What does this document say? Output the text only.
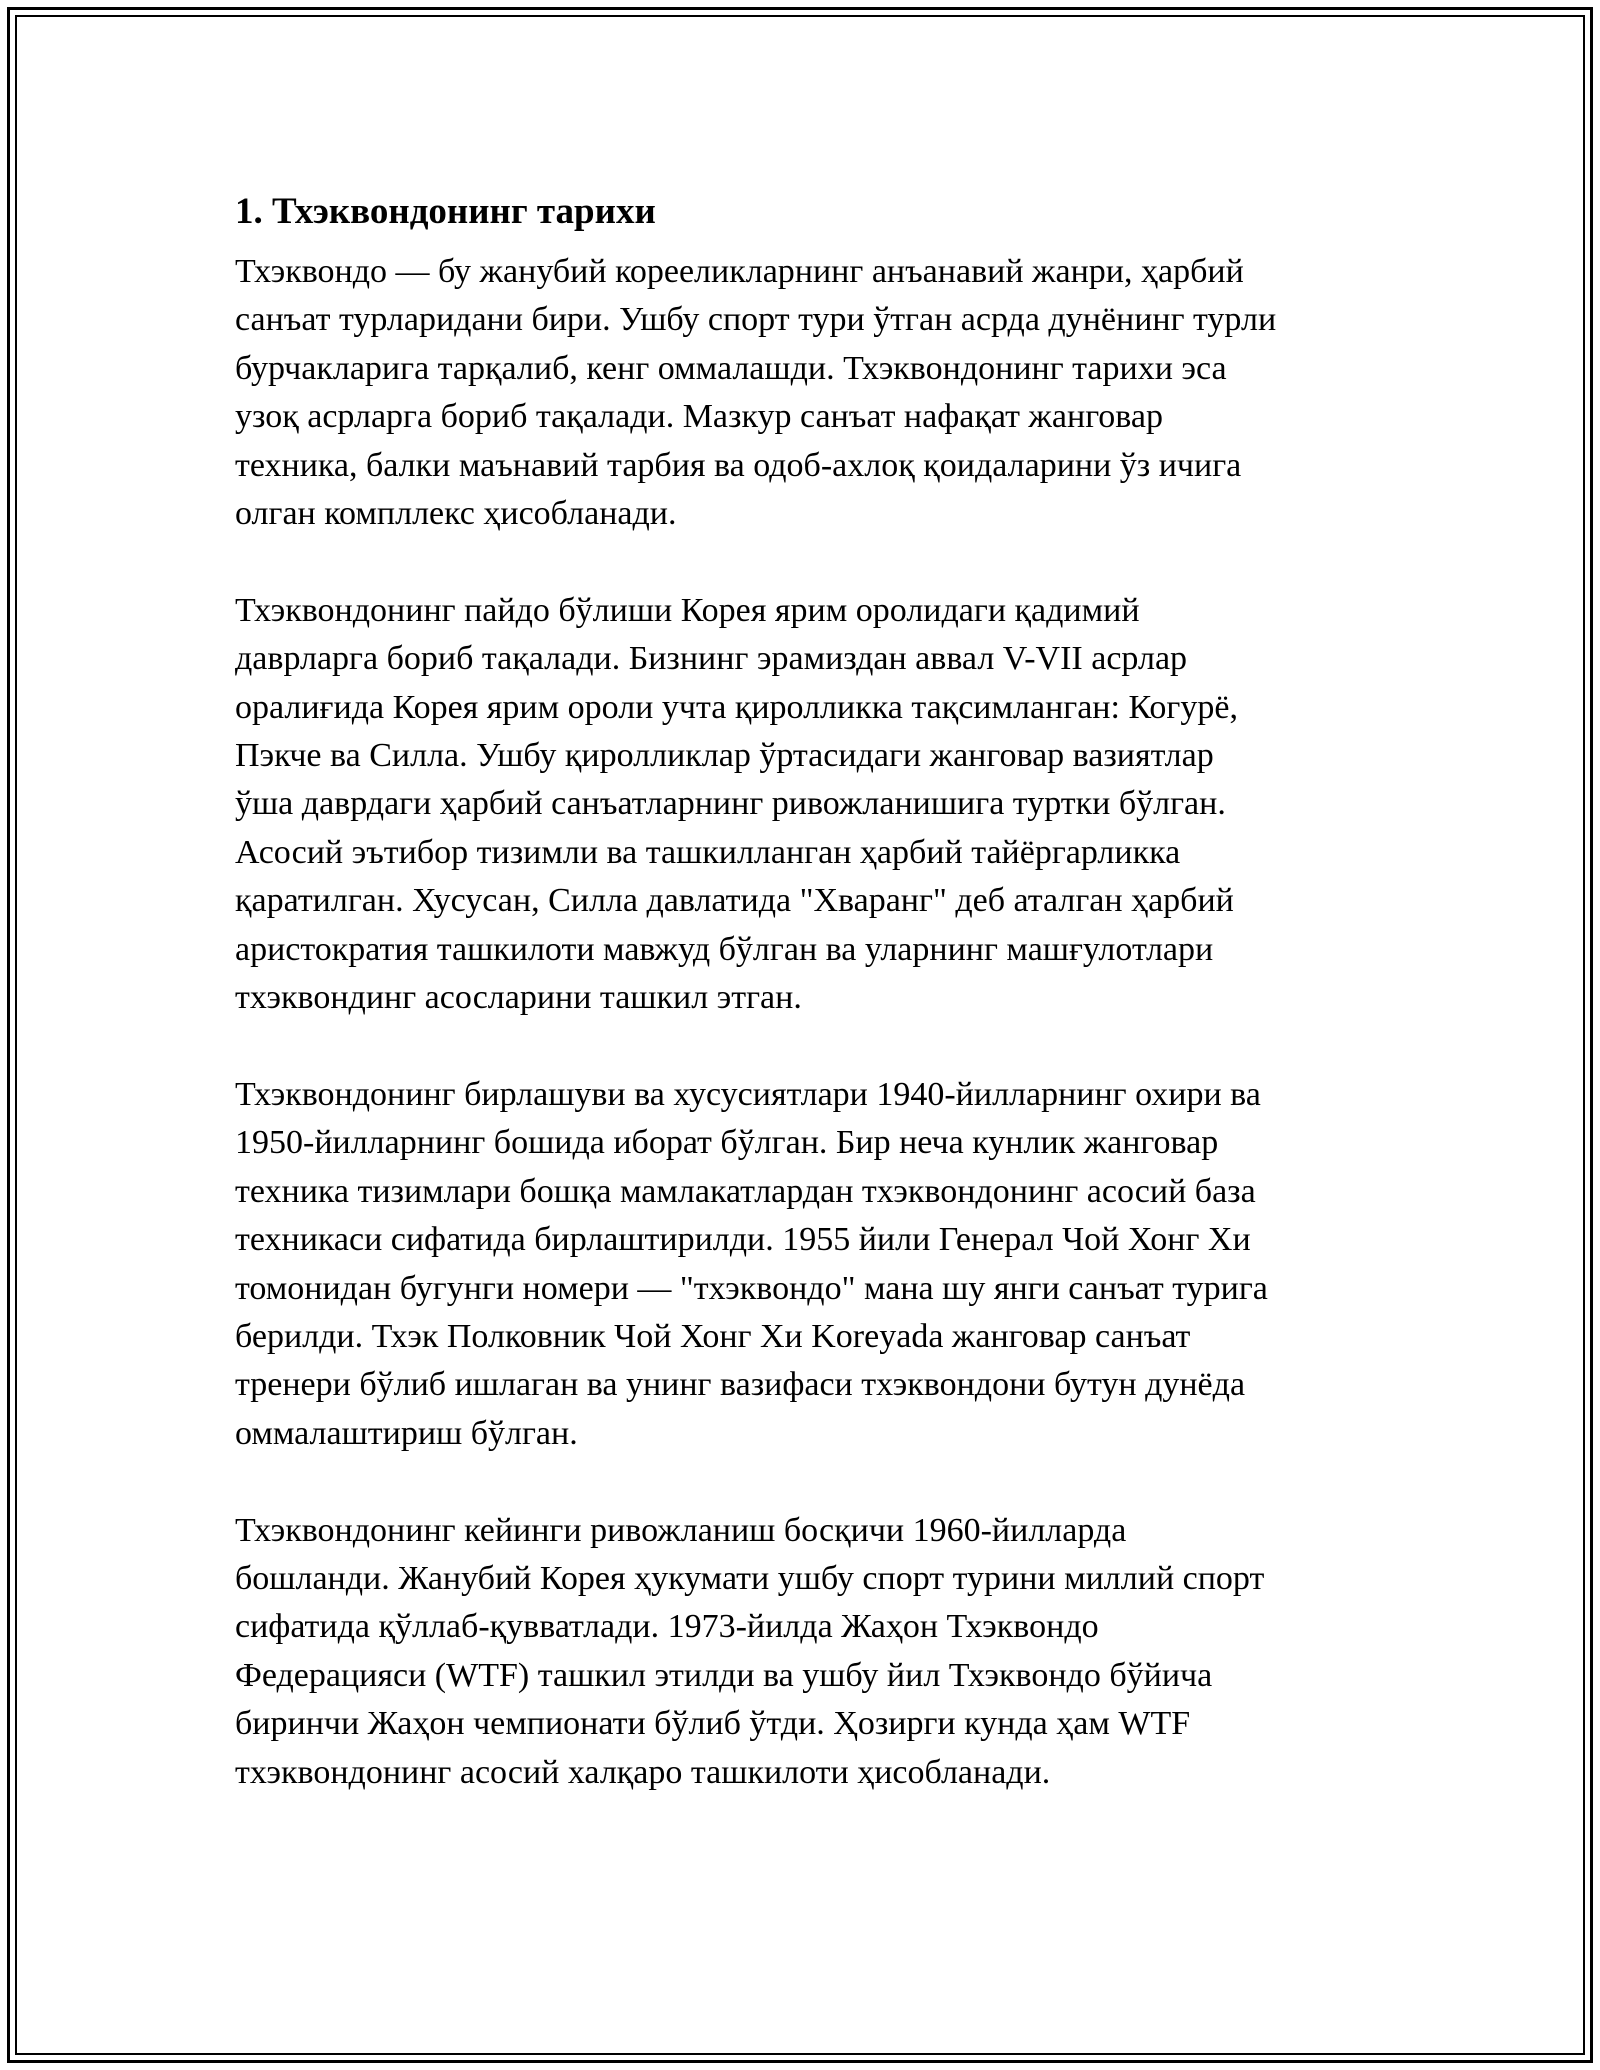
1. Тхэквондонинг тарихи
Тхэквондо — бу жанубий корееликларнинг анъанавий жанри, ҳарбий
санъат турларидани бири. Ушбу спорт тури ўтган асрда дунёнинг турли
бурчакларига тарқалиб, кенг оммалашди. Тхэквондонинг тарихи эса
узоқ асрларга бориб тақалади. Мазкур санъат нафақат жанговар
техника, балки маънавий тарбия ва одоб-ахлоқ қоидаларини ўз ичига
олган компллекс ҳисобланади.
Тхэквондонинг пайдо бўлиши Корея ярим оролидаги қадимий
даврларга бориб тақалади. Бизнинг эрамиздан аввал V-VII асрлар
оралиғида Корея ярим ороли учта қиролликка тақсимланган: Когурё,
Пэкче ва Силла. Ушбу қиролликлар ўртасидаги жанговар вазиятлар
ўша даврдаги ҳарбий санъатларнинг ривожланишига туртки бўлган.
Асосий эътибор тизимли ва ташкилланган ҳарбий тайёргарликка
қаратилган. Хусусан, Силла давлатида "Хваранг" деб аталган ҳарбий
аристократия ташкилоти мавжуд бўлган ва уларнинг машғулотлари
тхэквондинг асосларини ташкил этган.
Тхэквондонинг бирлашуви ва хусусиятлари 1940-йилларнинг охири ва
1950-йилларнинг бошида иборат бўлган. Бир неча кунлик жанговар
техника тизимлари бошқа мамлакатлардан тхэквондонинг асосий база
техникаси сифатида бирлаштирилди. 1955 йили Генерал Чой Хонг Хи
томонидан бугунги номери — "тхэквондо" мана шу янги санъат турига
берилди. Тхэк Полковник Чой Хонг Хи Koreyada жанговар санъат
тренери бўлиб ишлаган ва унинг вазифаси тхэквондони бутун дунёда
оммалаштириш бўлган.
Тхэквондонинг кейинги ривожланиш босқичи 1960-йилларда
бошланди. Жанубий Корея ҳукумати ушбу спорт турини миллий спорт
сифатида қўллаб-қувватлади. 1973-йилда Жаҳон Тхэквондо
Федерацияси (WTF) ташкил этилди ва ушбу йил Тхэквондо бўйича
биринчи Жаҳон чемпионати бўлиб ўтди. Ҳозирги кунда ҳам WTF
тхэквондонинг асосий халқаро ташкилоти ҳисобланади.
